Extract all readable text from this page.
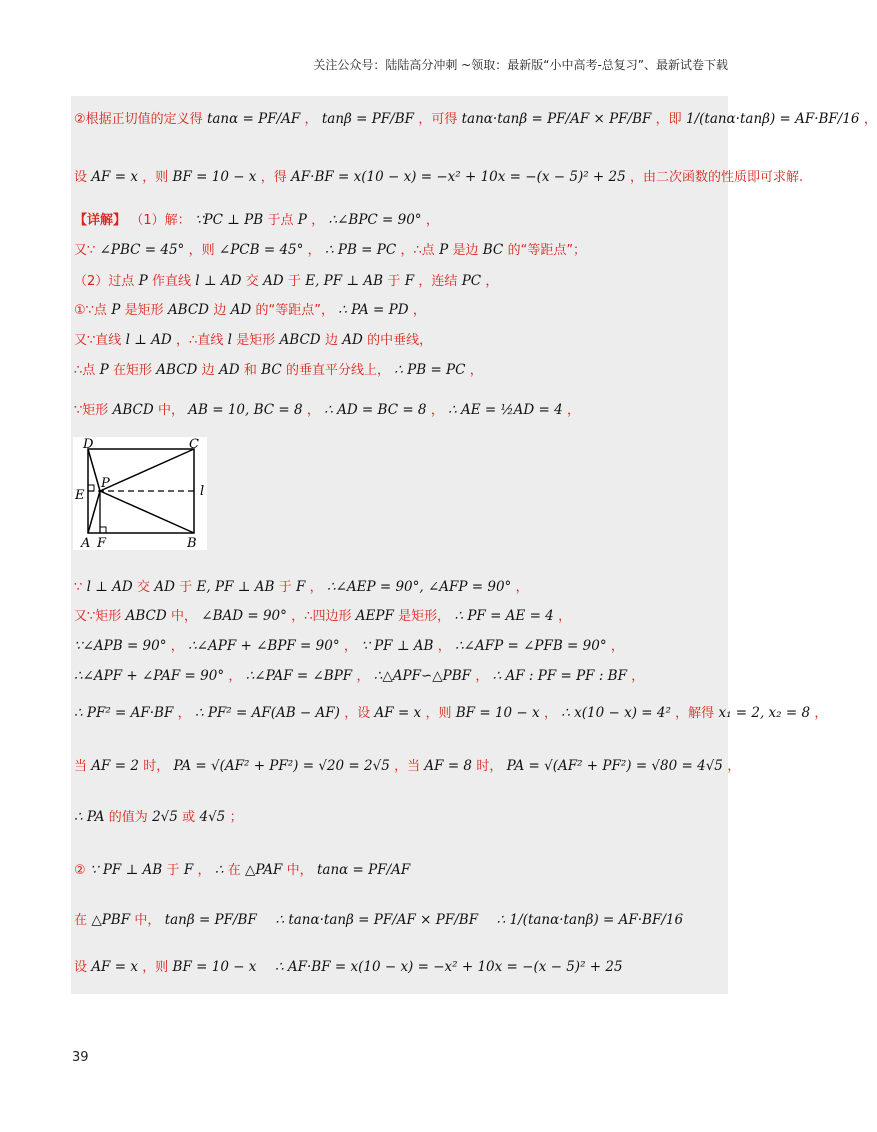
关注公众号：陆陆高分冲刺 ~领取：最新版“小中高考-总复习”、最新试卷下载
②根据正切值的定义得 tanα = PF/AF ， tanβ = PF/BF ，可得 tanα·tanβ = PF/AF × PF/BF ，即 1/(tanα·tanβ) = AF·BF/16 ，
设 AF = x ，则 BF = 10 − x ，得 AF·BF = x(10 − x) = −x² + 10x = −(x − 5)² + 25 ，由二次函数的性质即可求解.
【详解】 （1）解： ∵PC ⊥ PB 于点 P ， ∴∠BPC = 90° ，
又∵ ∠PBC = 45° ，则 ∠PCB = 45° ， ∴ PB = PC ，∴点 P 是边 BC 的“等距点”；
（2）过点 P 作直线 l ⊥ AD 交 AD 于 E, PF ⊥ AB 于 F ，连结 PC ，
①∵点 P 是矩形 ABCD 边 AD 的“等距点”， ∴ PA = PD ，
又∵直线 l ⊥ AD ，∴直线 l 是矩形 ABCD 边 AD 的中垂线，
∴点 P 在矩形 ABCD 边 AD 和 BC 的垂直平分线上， ∴ PB = PC ，
∵矩形 ABCD 中， AB = 10, BC = 8 ， ∴ AD = BC = 8 ， ∴ AE = ½AD = 4 ，
∵ l ⊥ AD 交 AD 于 E, PF ⊥ AB 于 F ， ∴∠AEP = 90°, ∠AFP = 90° ，
又∵矩形 ABCD 中， ∠BAD = 90° ，∴四边形 AEPF 是矩形， ∴ PF = AE = 4 ，
∵∠APB = 90° ， ∴∠APF + ∠BPF = 90° ， ∵ PF ⊥ AB ， ∴∠AFP = ∠PFB = 90° ，
∴∠APF + ∠PAF = 90° ， ∴∠PAF = ∠BPF ， ∴△APF∽△PBF ， ∴ AF : PF = PF : BF ，
∴ PF² = AF·BF ， ∴ PF² = AF(AB − AF) ，设 AF = x ，则 BF = 10 − x ， ∴ x(10 − x) = 4² ，解得 x₁ = 2, x₂ = 8 ，
当 AF = 2 时， PA = √(AF² + PF²) = √20 = 2√5 ，当 AF = 8 时， PA = √(AF² + PF²) = √80 = 4√5 ，
∴ PA 的值为 2√5 或 4√5 ；
② ∵ PF ⊥ AB 于 F ， ∴ 在 △PAF 中， tanα = PF/AF
在 △PBF 中， tanβ = PF/BF ∴ tanα·tanβ = PF/AF × PF/BF ∴ 1/(tanα·tanβ) = AF·BF/16
设 AF = x ，则 BF = 10 − x ∴ AF·BF = x(10 − x) = −x² + 10x = −(x − 5)² + 25
D	C
P
E	l
A F	B
39
